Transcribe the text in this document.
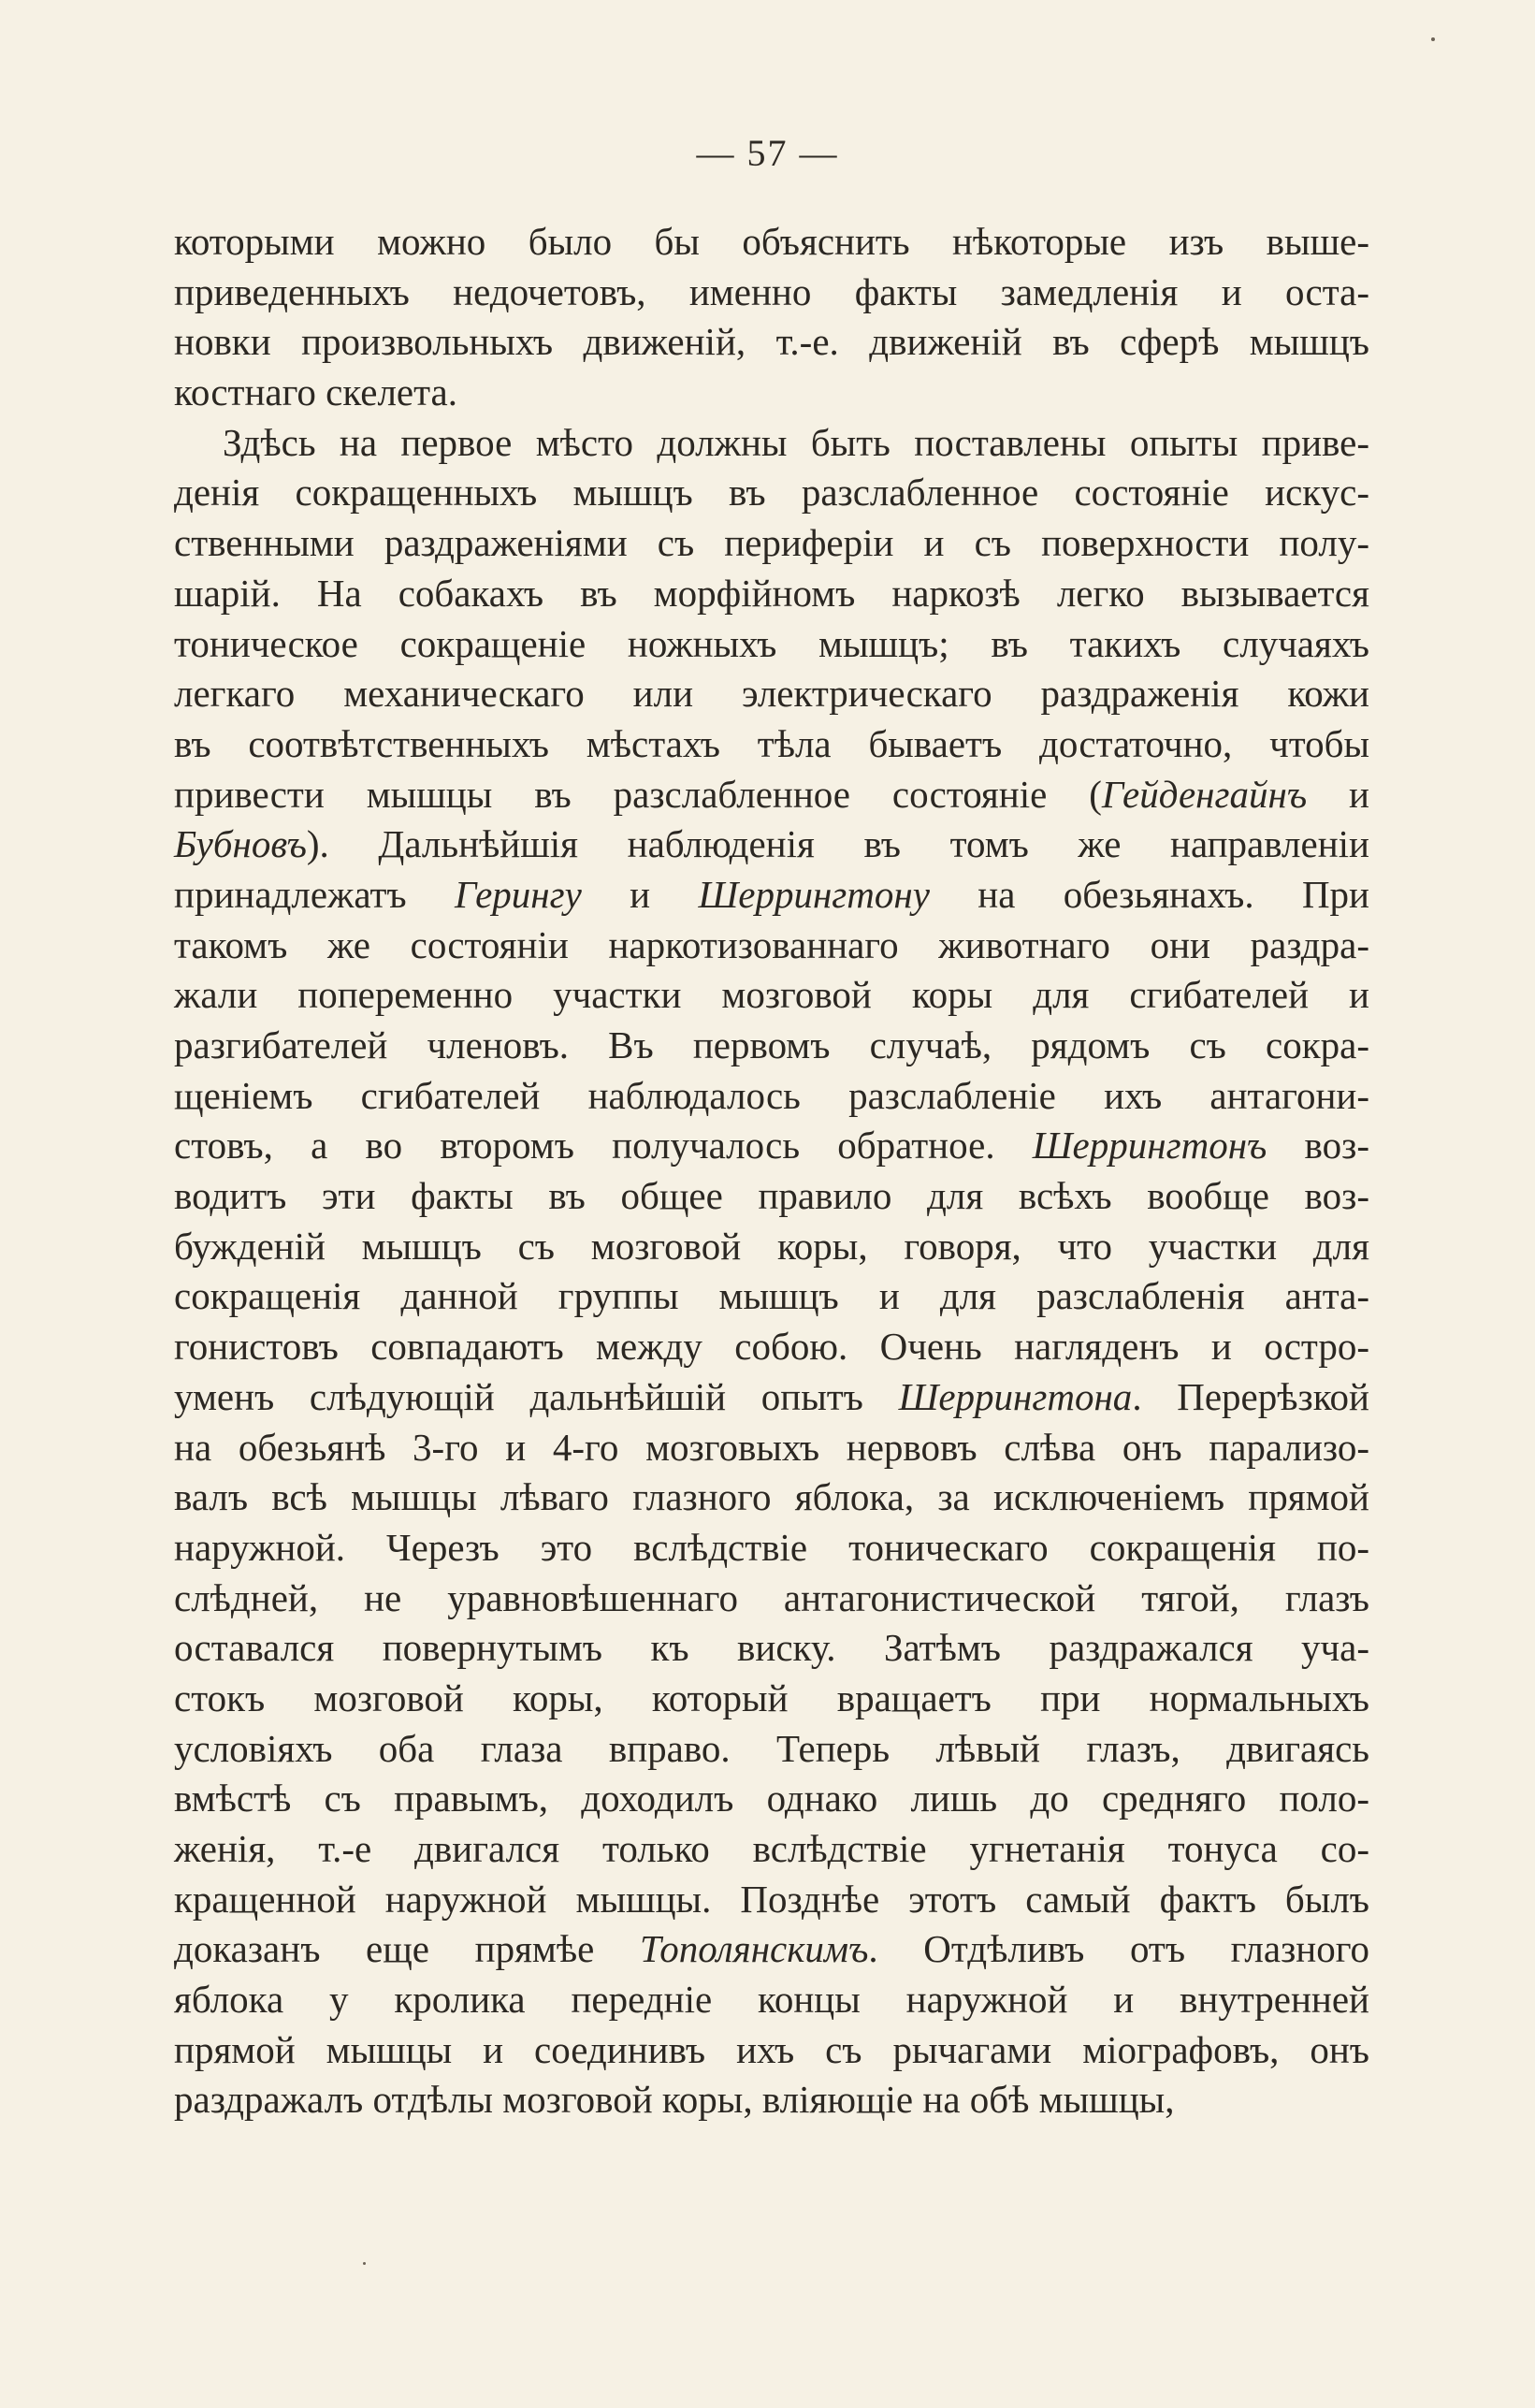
— 57 —
которыми можно было бы объяснить нѣкоторые изъ выше-
приведенныхъ недочетовъ, именно факты замедленія и оста-
новки произвольныхъ движеній, т.-е. движеній въ сферѣ мышцъ
костнаго скелета.
Здѣсь на первое мѣсто должны быть поставлены опыты приве-
денія сокращенныхъ мышцъ въ разслабленное состояніе искус-
ственными раздраженіями съ периферіи и съ поверхности полу-
шарій. На собакахъ въ морфійномъ наркозѣ легко вызывается
тоническое сокращеніе ножныхъ мышцъ; въ такихъ случаяхъ
легкаго механическаго или электрическаго раздраженія кожи
въ соотвѣтственныхъ мѣстахъ тѣла бываетъ достаточно, чтобы
привести мышцы въ разслабленное состояніе (Гейденгайнъ и
Бубновъ). Дальнѣйшія наблюденія въ томъ же направленіи
принадлежатъ Герингу и Шеррингтону на обезьянахъ. При
такомъ же состояніи наркотизованнаго животнаго они раздра-
жали попеременно участки мозговой коры для сгибателей и
разгибателей членовъ. Въ первомъ случаѣ, рядомъ съ сокра-
щеніемъ сгибателей наблюдалось разслабленіе ихъ антагони-
стовъ, а во второмъ получалось обратное. Шеррингтонъ воз-
водитъ эти факты въ общее правило для всѣхъ вообще воз-
бужденій мышцъ съ мозговой коры, говоря, что участки для
сокращенія данной группы мышцъ и для разслабленія анта-
гонистовъ совпадаютъ между собою. Очень нагляденъ и остро-
уменъ слѣдующій дальнѣйшій опытъ Шеррингтона. Перерѣзкой
на обезьянѣ 3-го и 4-го мозговыхъ нервовъ слѣва онъ парализо-
валъ всѣ мышцы лѣваго глазного яблока, за исключеніемъ прямой
наружной. Черезъ это вслѣдствіе тоническаго сокращенія по-
слѣдней, не уравновѣшеннаго антагонистической тягой, глазъ
оставался повернутымъ къ виску. Затѣмъ раздражался уча-
стокъ мозговой коры, который вращаетъ при нормальныхъ
условіяхъ оба глаза вправо. Теперь лѣвый глазъ, двигаясь
вмѣстѣ съ правымъ, доходилъ однако лишь до средняго поло-
женія, т.-е двигался только вслѣдствіе угнетанія тонуса со-
кращенной наружной мышцы. Позднѣе этотъ самый фактъ былъ
доказанъ еще прямѣе Тополянскимъ. Отдѣливъ отъ глазного
яблока у кролика передніе концы наружной и внутренней
прямой мышцы и соединивъ ихъ съ рычагами міографовъ, онъ
раздражалъ отдѣлы мозговой коры, вліяющіе на обѣ мышцы,
